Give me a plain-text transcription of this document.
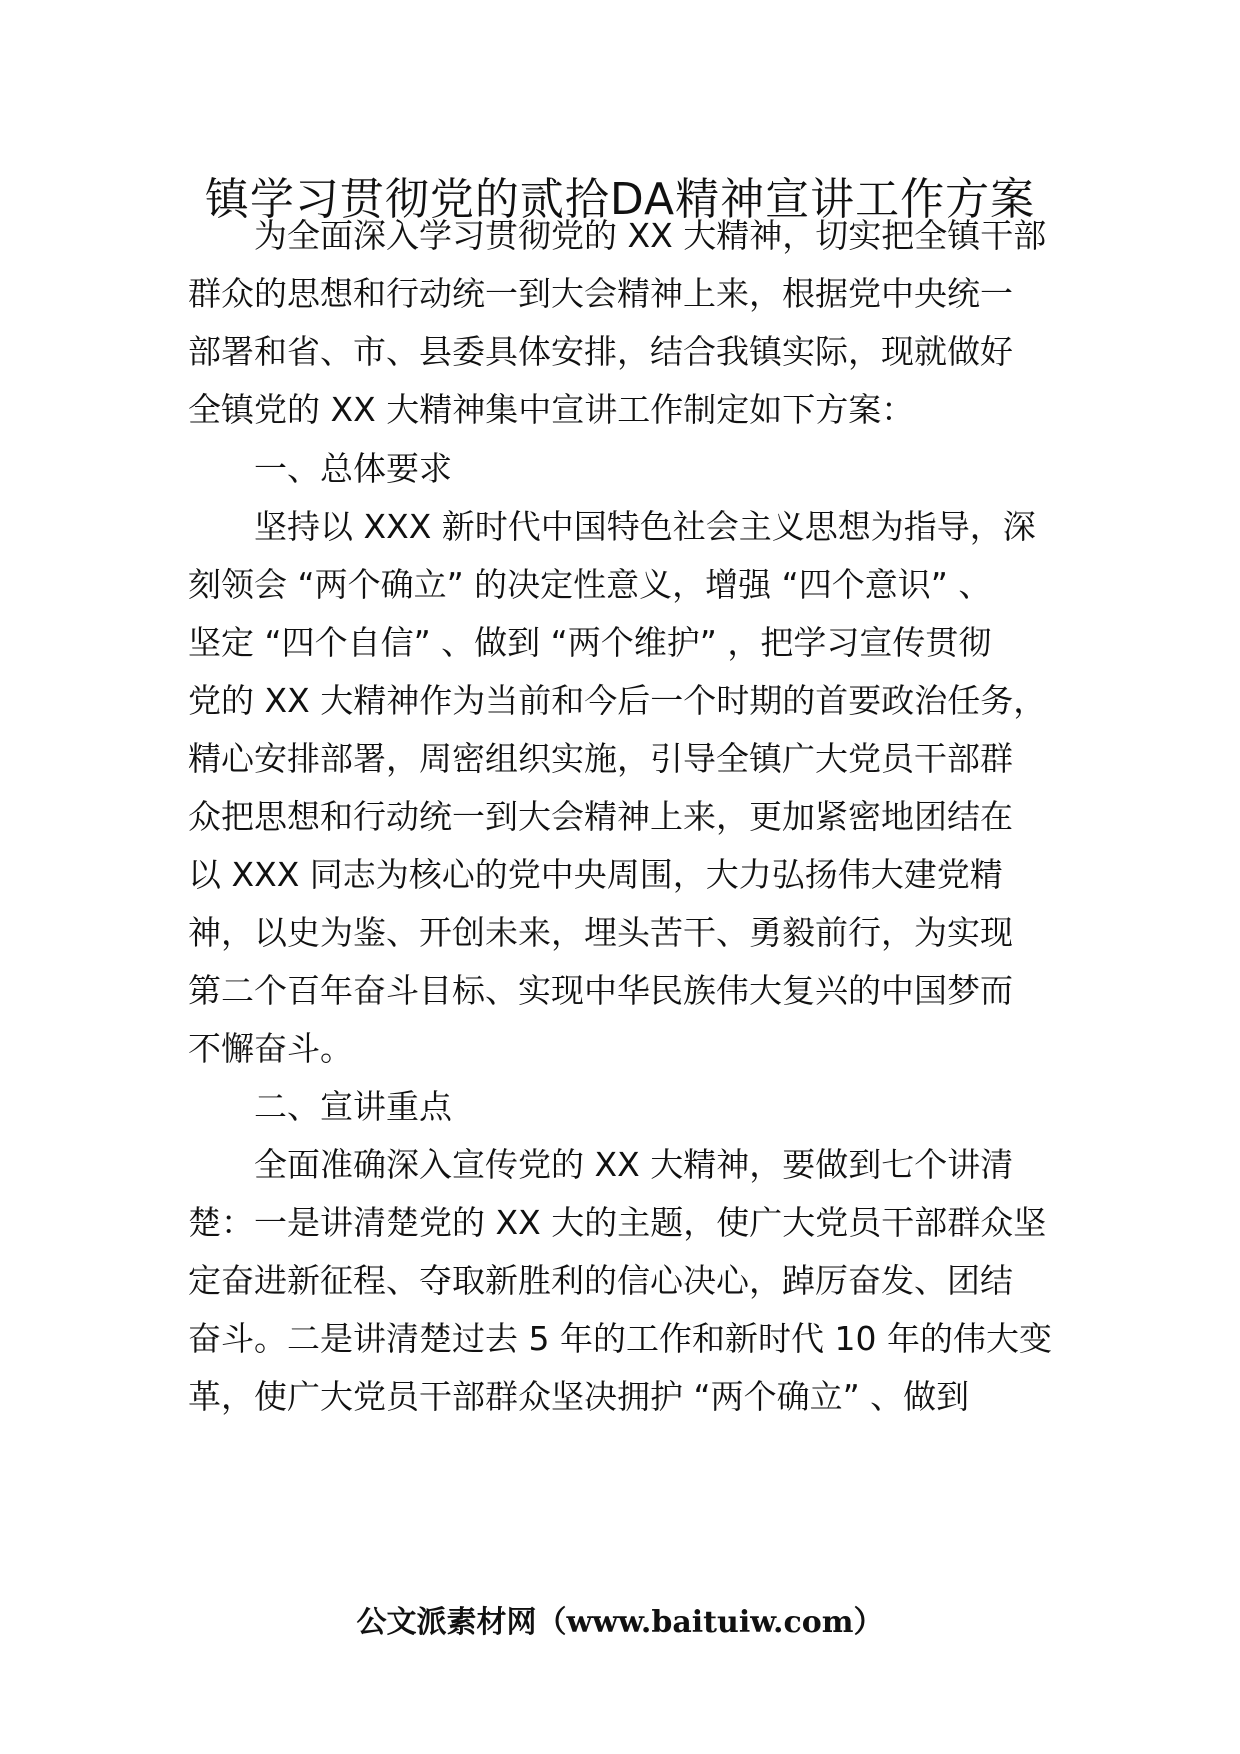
镇学习贯彻党的贰拾DA精神宣讲工作方案

为全面深入学习贯彻党的 XX 大精神，切实把全镇干部

群众的思想和行动统一到大会精神上来，根据党中央统一

部署和省、市、县委具体安排，结合我镇实际，现就做好

全镇党的 XX 大精神集中宣讲工作制定如下方案：

一、总体要求

坚持以 XXX 新时代中国特色社会主义思想为指导，深

刻领会 “两个确立” 的决定性意义，增强 “四个意识” 、

坚定 “四个自信” 、做到 “两个维护” ，把学习宣传贯彻

党的 XX 大精神作为当前和今后一个时期的首要政治任务，

精心安排部署，周密组织实施，引导全镇广大党员干部群

众把思想和行动统一到大会精神上来，更加紧密地团结在

以 XXX 同志为核心的党中央周围，大力弘扬伟大建党精

神，以史为鉴、开创未来，埋头苦干、勇毅前行，为实现

第二个百年奋斗目标、实现中华民族伟大复兴的中国梦而

不懈奋斗。

二、宣讲重点

全面准确深入宣传党的 XX 大精神，要做到七个讲清

楚：一是讲清楚党的 XX 大的主题，使广大党员干部群众坚

定奋进新征程、夺取新胜利的信心决心，踔厉奋发、团结

奋斗。二是讲清楚过去 5 年的工作和新时代 10 年的伟大变

革，使广大党员干部群众坚决拥护 “两个确立” 、做到

公文派素材网（www.baituiw.com）
